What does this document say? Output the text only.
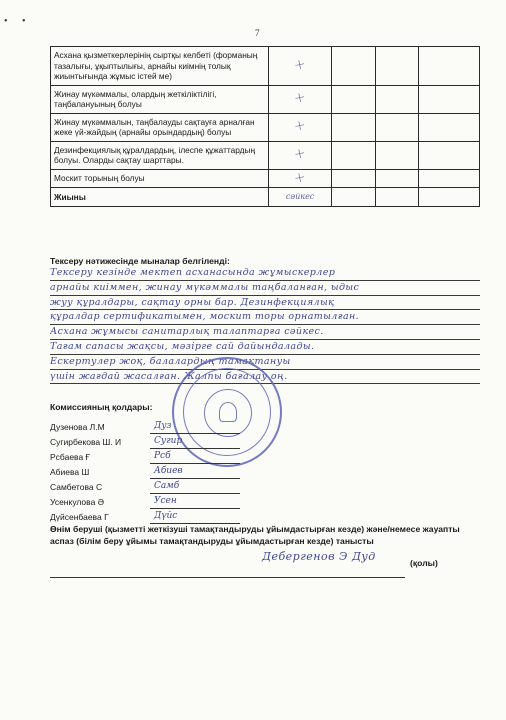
• •
7
Асхана қызметкерлерінің сыртқы келбеті (форманың тазалығы, ұқыптылығы, арнайы киімнің толық жиынтығында жұмыс істей ме)	+			
Жинау мүкәммалы, олардың жеткіліктілігі, таңбалануының болуы	+			
Жинау мүкәммалын, таңбалауды сақтауға арналған жеке үй-жайдың (арнайы орындардың) болуы	+			
Дезинфекциялық құралдардың, ілеспе құжаттардың болуы. Оларды сақтау шарттары.	+			
Москит торының болуы	+			
Жиыны	сәйкес			
Тексеру нәтижесінде мыналар белгіленді:
Тексеру кезінде мектеп асханасында жұмыскерлер
арнайы киіммен, жинау мүкәммалы таңбаланған, ыдыс
жуу құралдары, сақтау орны бар. Дезинфекциялық
құралдар сертификатымен, москит торы орнатылған.
Асхана жұмысы санитарлық талаптарға сәйкес.
Тағам сапасы жақсы, мәзірге сай дайындалады.
Ескертулер жоқ, балалардың тамақтануы
үшін жағдай жасалған. Жалпы бағалау оң.
Комиссияның қолдары:
Дузенова Л.М	Дуз
Сугирбекова Ш. И	Сугир
Рсбаева Ғ	Рсб
Абиева Ш	Абиев
Самбетова С	Самб
Усенкулова Ә	Усен
Дүйсенбаева Г	Дүйс
Өнім беруші (қызметті жеткізуші тамақтандыруды ұйымдастырған кезде) және/немесе жауапты аспаз (білім беру ұйымы тамақтандыруды ұйымдастырған кезде) танысты
Дебергенов Э Дуд	(қолы)
